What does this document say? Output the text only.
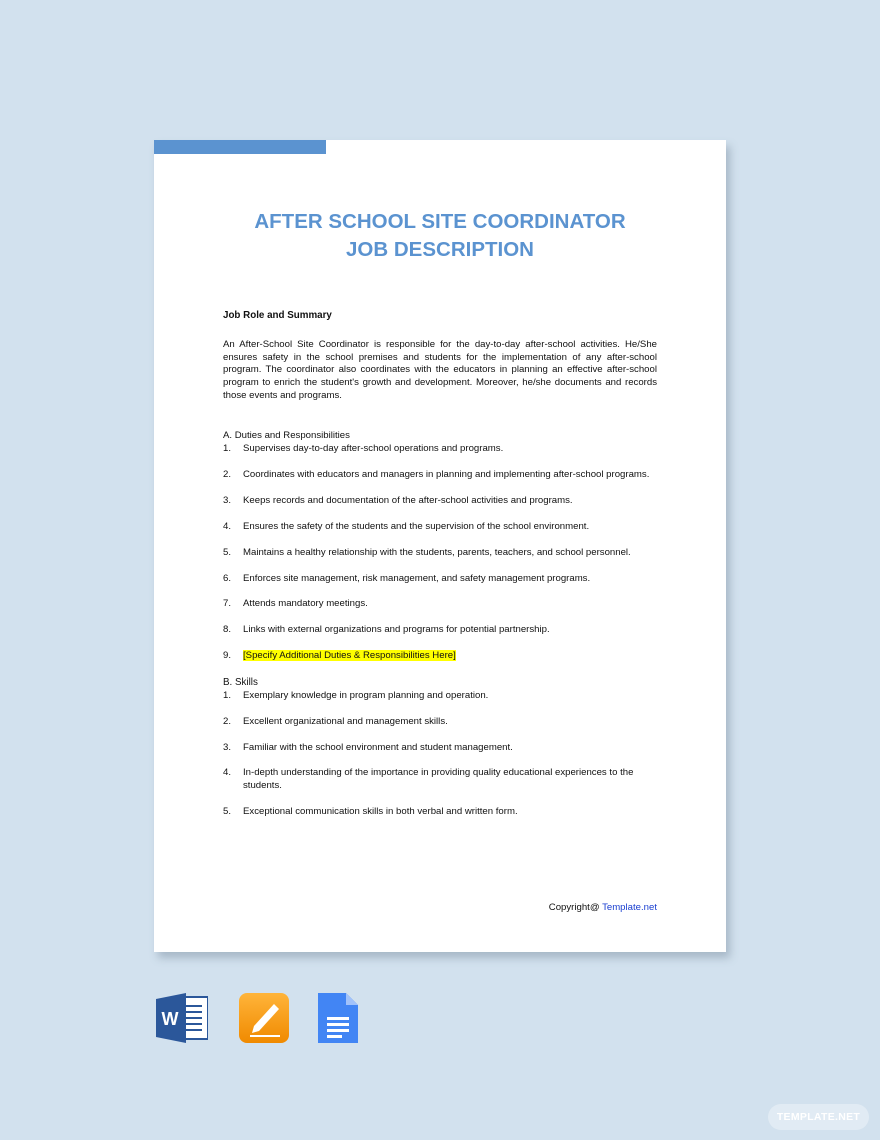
AFTER SCHOOL SITE COORDINATOR
JOB DESCRIPTION
Job Role and Summary
An After-School Site Coordinator is responsible for the day-to-day after-school activities. He/She ensures safety in the school premises and students for the implementation of any after-school program. The coordinator also coordinates with the educators in planning an effective after-school program to enrich the student's growth and development. Moreover, he/she documents and records those events and programs.
A. Duties and Responsibilities
1. Supervises day-to-day after-school operations and programs.
2. Coordinates with educators and managers in planning and implementing after-school programs.
3. Keeps records and documentation of the after-school activities and programs.
4. Ensures the safety of the students and the supervision of the school environment.
5. Maintains a healthy relationship with the students, parents, teachers, and school personnel.
6. Enforces site management, risk management, and safety management programs.
7. Attends mandatory meetings.
8. Links with external organizations and programs for potential partnership.
9. [Specify Additional Duties & Responsibilities Here]
B. Skills
1. Exemplary knowledge in program planning and operation.
2. Excellent organizational and management skills.
3. Familiar with the school environment and student management.
4. In-depth understanding of the importance in providing quality educational experiences to the students.
5. Exceptional communication skills in both verbal and written form.
Copyright@ Template.net
W
TEMPLATE.NET
